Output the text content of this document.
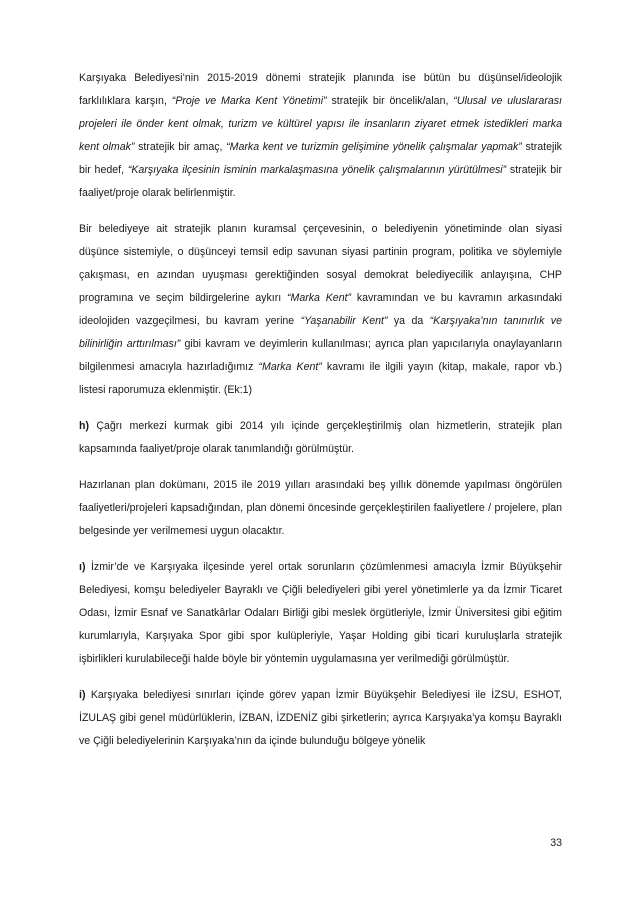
Karşıyaka Belediyesi’nin 2015-2019 dönemi stratejik planında ise bütün bu düşünsel/ideolojik farklılıklara karşın, “Proje ve Marka Kent Yönetimi” stratejik bir öncelik/alan, “Ulusal ve uluslararası projeleri ile önder kent olmak, turizm ve kültürel yapısı ile insanların ziyaret etmek istedikleri marka kent olmak” stratejik bir amaç, “Marka kent ve turizmin gelişimine yönelik çalışmalar yapmak” stratejik bir hedef, “Karşıyaka ilçesinin isminin markalaşmasına yönelik çalışmalarının yürütülmesi” stratejik bir faaliyet/proje olarak belirlenmiştir.

Bir belediyeye ait stratejik planın kuramsal çerçevesinin, o belediyenin yönetiminde olan siyasi düşünce sistemiyle, o düşünceyi temsil edip savunan siyasi partinin program, politika ve söylemiyle çakışması, en azından uyuşması gerektiğinden sosyal demokrat belediyecilik anlayışına, CHP programına ve seçim bildirgelerine aykırı “Marka Kent” kavramından ve bu kavramın arkasındaki ideolojiden vazgeçilmesi, bu kavram yerine “Yaşanabilir Kent” ya da “Karşıyaka’nın tanınırlık ve bilinirliğin arttırılması” gibi kavram ve deyimlerin kullanılması; ayrıca plan yapıcılarıyla onaylayanların bilgilenmesi amacıyla hazırladığımız “Marka Kent” kavramı ile ilgili yayın (kitap, makale, rapor vb.) listesi raporumuza eklenmiştir. (Ek:1)

h) Çağrı merkezi kurmak gibi 2014 yılı içinde gerçekleştirilmiş olan hizmetlerin, stratejik plan kapsamında faaliyet/proje olarak tanımlandığı görülmüştür.

Hazırlanan plan dokümanı, 2015 ile 2019 yılları arasındaki beş yıllık dönemde yapılması öngörülen faaliyetleri/projeleri kapsadığından, plan dönemi öncesinde gerçekleştirilen faaliyetlere / projelere, plan belgesinde yer verilmemesi uygun olacaktır.

ı) İzmir’de ve Karşıyaka ilçesinde yerel ortak sorunların çözümlenmesi amacıyla İzmir Büyükşehir Belediyesi, komşu belediyeler Bayraklı ve Çiğli belediyeleri gibi yerel yönetimlerle ya da İzmir Ticaret Odası, İzmir Esnaf ve Sanatkârlar Odaları Birliği gibi meslek örgütleriyle, İzmir Üniversitesi gibi eğitim kurumlarıyla, Karşıyaka Spor gibi spor kulüpleriyle, Yaşar Holding gibi ticari kuruluşlarla stratejik işbirlikleri kurulabileceği halde böyle bir yöntemin uygulamasına yer verilmediği görülmüştür.

i) Karşıyaka belediyesi sınırları içinde görev yapan İzmir Büyükşehir Belediyesi ile İZSU, ESHOT, İZULAŞ gibi genel müdürlüklerin, İZBAN, İZDENİZ gibi şirketlerin; ayrıca Karşıyaka’ya komşu Bayraklı ve Çiğli belediyelerinin Karşıyaka’nın da içinde bulunduğu bölgeye yönelik

33
